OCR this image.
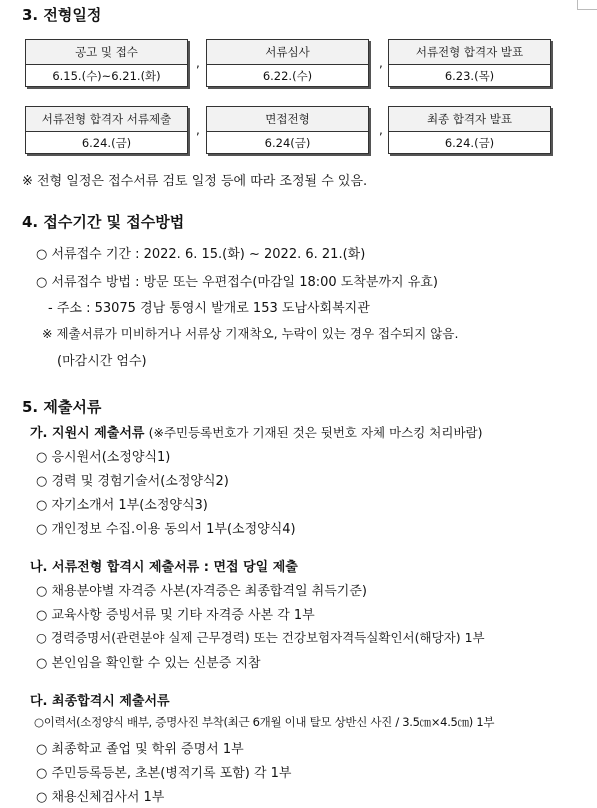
3. 전형일정
공고 및 접수
6.15.(수)~6.21.(화)
,
서류심사
6.22.(수)
,
서류전형 합격자 발표
6.23.(목)
서류전형 합격자 서류제출
6.24.(금)
,
면접전형
6.24(금)
,
최종 합격자 발표
6.24.(금)
※ 전형 일정은 접수서류 검토 일정 등에 따라 조정될 수 있음.
4. 접수기간 및 접수방법
○ 서류접수 기간 : 2022. 6. 15.(화) ~ 2022. 6. 21.(화)
○ 서류접수 방법 : 방문 또는 우편접수(마감일 18:00 도착분까지 유효)
- 주소 : 53075 경남 통영시 발개로 153 도남사회복지관
※ 제출서류가 미비하거나 서류상 기재착오, 누락이 있는 경우 접수되지 않음.
(마감시간 엄수)
5. 제출서류
가. 지원시 제출서류 (※주민등록번호가 기재된 것은 뒷번호 자체 마스킹 처리바람)
○ 응시원서(소정양식1)
○ 경력 및 경험기술서(소정양식2)
○ 자기소개서 1부(소정양식3)
○ 개인정보 수집.이용 동의서 1부(소정양식4)
나. 서류전형 합격시 제출서류 : 면접 당일 제출
○ 채용분야별 자격증 사본(자격증은 최종합격일 취득기준)
○ 교육사항 증빙서류 및 기타 자격증 사본 각 1부
○ 경력증명서(관련분야 실제 근무경력) 또는 건강보험자격득실확인서(해당자) 1부
○ 본인임을 확인할 수 있는 신분증 지참
다. 최종합격시 제출서류
○이력서(소정양식 배부, 증명사진 부착(최근 6개월 이내 탈모 상반신 사진 / 3.5㎝×4.5㎝) 1부
○ 최종학교 졸업 및 학위 증명서 1부
○ 주민등록등본, 초본(병적기록 포함) 각 1부
○ 채용신체검사서 1부
